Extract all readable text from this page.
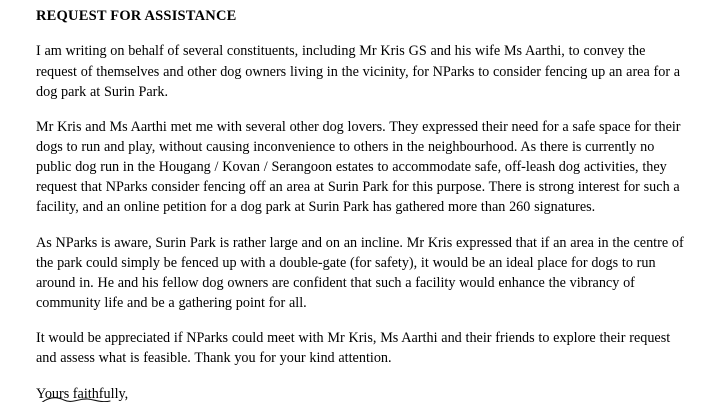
REQUEST FOR ASSISTANCE

I am writing on behalf of several constituents, including Mr Kris GS and his wife Ms Aarthi, to convey the request of themselves and other dog owners living in the vicinity, for NParks to consider fencing up an area for a dog park at Surin Park.

Mr Kris and Ms Aarthi met me with several other dog lovers. They expressed their need for a safe space for their dogs to run and play, without causing inconvenience to others in the neighbourhood. As there is currently no public dog run in the Hougang / Kovan / Serangoon estates to accommodate safe, off-leash dog activities, they request that NParks consider fencing off an area at Surin Park for this purpose. There is strong interest for such a facility, and an online petition for a dog park at Surin Park has gathered more than 260 signatures.

As NParks is aware, Surin Park is rather large and on an incline. Mr Kris expressed that if an area in the centre of the park could simply be fenced up with a double-gate (for safety), it would be an ideal place for dogs to run around in. He and his fellow dog owners are confident that such a facility would enhance the vibrancy of community life and be a gathering point for all.

It would be appreciated if NParks could meet with Mr Kris, Ms Aarthi and their friends to explore their request and assess what is feasible. Thank you for your kind attention.

Yours faithfully,
